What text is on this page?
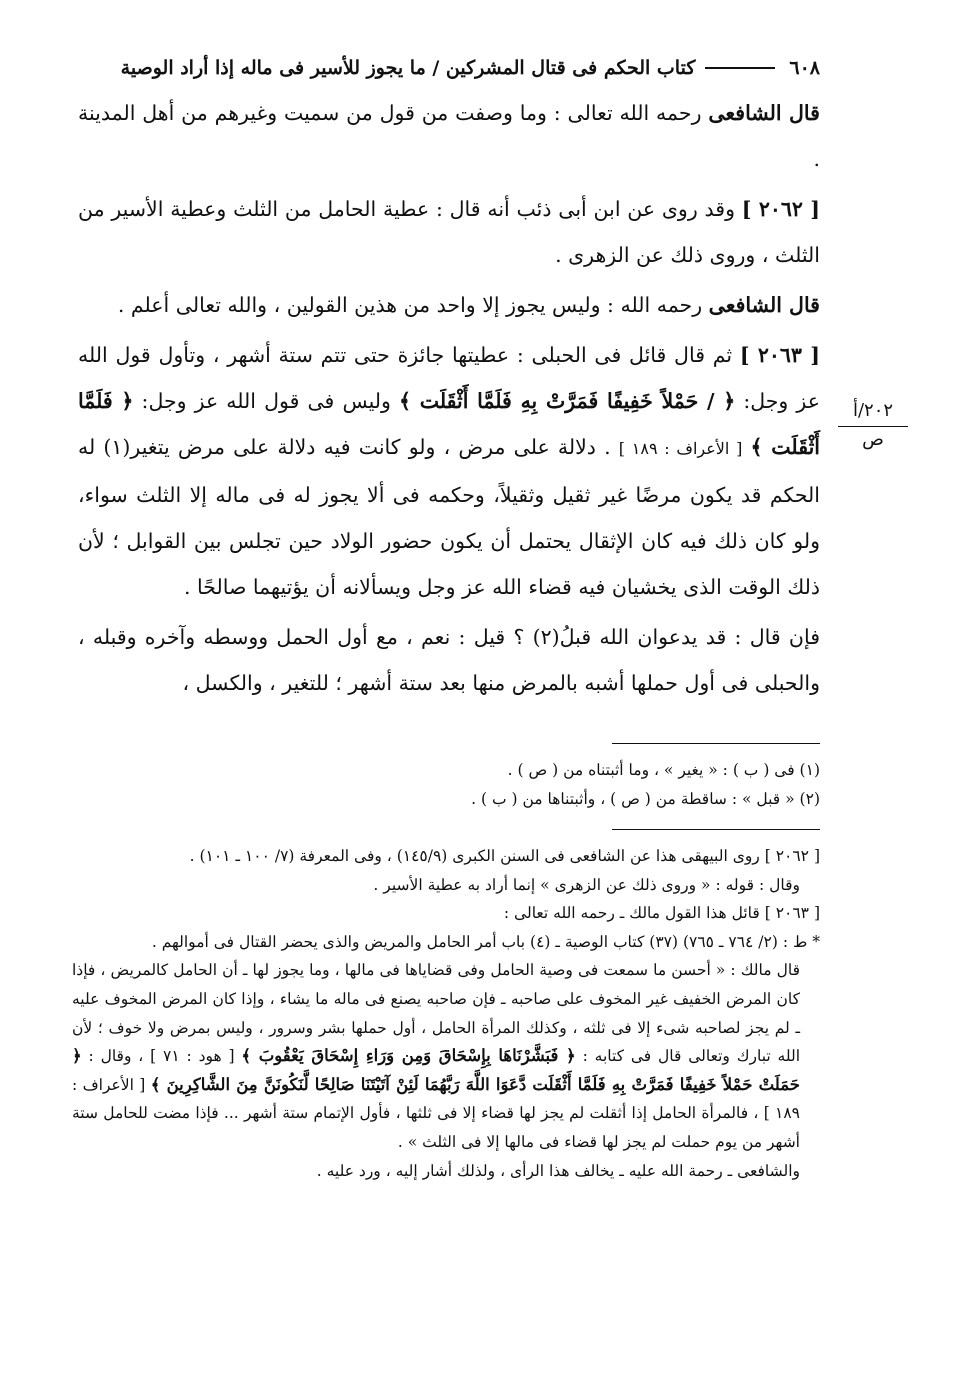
٦٠٨
كتاب الحكم فى قتال المشركين / ما يجوز للأسير فى ماله إذا أراد الوصية
٢٠٢/أ
ص

قال الشافعى رحمه الله تعالى : وما وصفت من قول من سميت وغيرهم من أهل المدينة .

[ ٢٠٦٢ ] وقد روى عن ابن أبى ذئب أنه قال : عطية الحامل من الثلث وعطية الأسير من الثلث ، وروى ذلك عن الزهرى .

قال الشافعى رحمه الله : وليس يجوز إلا واحد من هذين القولين ، والله تعالى أعلم .

[ ٢٠٦٣ ] ثم قال قائل فى الحبلى : عطيتها جائزة حتى تتم ستة أشهر ، وتأول قول الله عز وجل: ﴿ / حَمْلاً خَفِيفًا فَمَرَّتْ بِهِ فَلَمَّا أَثْقَلَت ﴾ وليس فى قول الله عز وجل: ﴿ فَلَمَّا أَثْقَلَت ﴾ [ الأعراف : ١٨٩ ] . دلالة على مرض ، ولو كانت فيه دلالة على مرض يتغير(١) له الحكم قد يكون مرضًا غير ثقيل وثقيلاً، وحكمه فى ألا يجوز له فى ماله إلا الثلث سواء، ولو كان ذلك فيه كان الإثقال يحتمل أن يكون حضور الولاد حين تجلس بين القوابل ؛ لأن ذلك الوقت الذى يخشيان فيه قضاء الله عز وجل ويسألانه أن يؤتيهما صالحًا .

فإن قال : قد يدعوان الله قبلُ(٢) ؟ قيل : نعم ، مع أول الحمل ووسطه وآخره وقبله ، والحبلى فى أول حملها أشبه بالمرض منها بعد ستة أشهر ؛ للتغير ، والكسل ،

(١) فى ( ب ) : « يغير » ، وما أثبتناه من ( ص ) .

(٢) « قبل » : ساقطة من ( ص ) ، وأثبتناها من ( ب ) .

[ ٢٠٦٢ ] روى البيهقى هذا عن الشافعى فى السنن الكبرى (١٤٥/٩) ، وفى المعرفة (٧/ ١٠٠ ـ ١٠١) .

وقال : قوله : « وروى ذلك عن الزهرى » إنما أراد به عطية الأسير .

[ ٢٠٦٣ ] قائل هذا القول مالك ـ رحمه الله تعالى :

* ط : (٢/ ٧٦٤ ـ ٧٦٥) (٣٧) كتاب الوصية ـ (٤) باب أمر الحامل والمريض والذى يحضر القتال فى أموالهم .

قال مالك : « أحسن ما سمعت فى وصية الحامل وفى قضاياها فى مالها ، وما يجوز لها ـ أن الحامل كالمريض ، فإذا كان المرض الخفيف غير المخوف على صاحبه ـ فإن صاحبه يصنع فى ماله ما يشاء ، وإذا كان المرض المخوف عليه ـ لم يجز لصاحبه شىء إلا فى ثلثه ، وكذلك المرأة الحامل ، أول حملها بشر وسرور ، وليس بمرض ولا خوف ؛ لأن الله تبارك وتعالى قال فى كتابه : ﴿ فَبَشَّرْنَاهَا بِإِسْحَاقَ وَمِن وَرَاءِ إِسْحَاقَ يَعْقُوبَ ﴾ [ هود : ٧١ ] ، وقال : ﴿ حَمَلَتْ حَمْلاً خَفِيفًا فَمَرَّتْ بِهِ فَلَمَّا أَثْقَلَت دَّعَوَا اللَّهَ رَبَّهُمَا لَئِنْ آتَيْتَنَا صَالِحًا لَّنَكُونَنَّ مِنَ الشَّاكِرِينَ ﴾ [ الأعراف : ١٨٩ ] ، فالمرأة الحامل إذا أثقلت لم يجز لها قضاء إلا فى ثلثها ، فأول الإتمام ستة أشهر ... فإذا مضت للحامل ستة أشهر من يوم حملت لم يجز لها قضاء فى مالها إلا فى الثلث » .

والشافعى ـ رحمة الله عليه ـ يخالف هذا الرأى ، ولذلك أشار إليه ، ورد عليه .
